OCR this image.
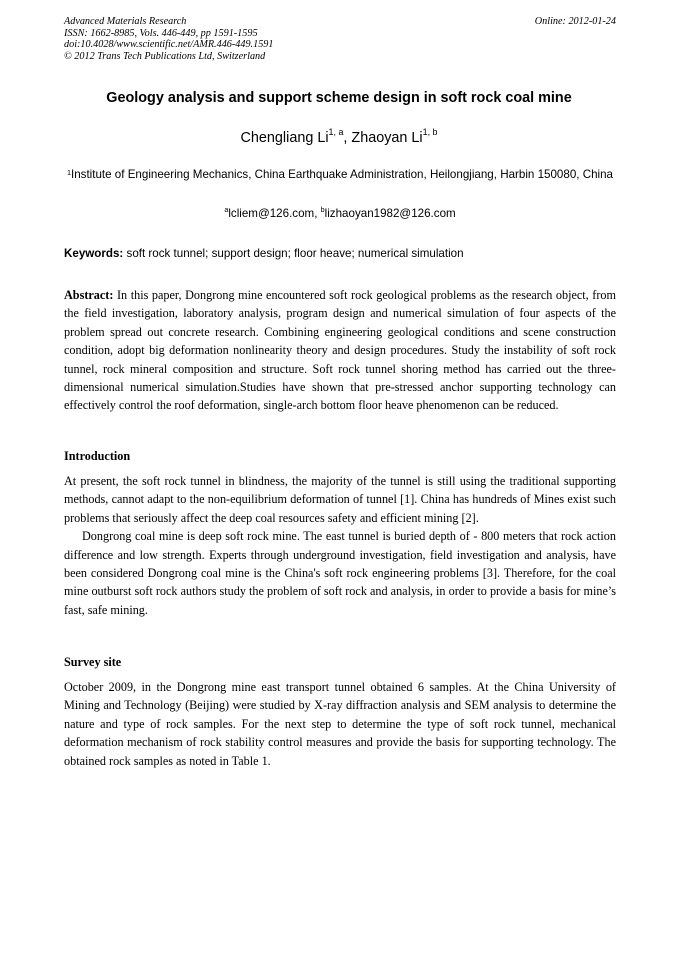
Advanced Materials Research
ISSN: 1662-8985, Vols. 446-449, pp 1591-1595
doi:10.4028/www.scientific.net/AMR.446-449.1591
© 2012 Trans Tech Publications Ltd, Switzerland
Online: 2012-01-24
Geology analysis and support scheme design in soft rock coal mine
Chengliang Li$^{1, a}$, Zhaoyan Li$^{1, b}$
$^1$Institute of Engineering Mechanics, China Earthquake Administration, Heilongjiang, Harbin 150080, China
$^a$lcliem@126.com, $^b$lizhaoyan1982@126.com
Keywords: soft rock tunnel; support design; floor heave; numerical simulation
Abstract: In this paper, Dongrong mine encountered soft rock geological problems as the research object, from the field investigation, laboratory analysis, program design and numerical simulation of four aspects of the problem spread out concrete research. Combining engineering geological conditions and scene construction condition, adopt big deformation nonlinearity theory and design procedures. Study the instability of soft rock tunnel, rock mineral composition and structure. Soft rock tunnel shoring method has carried out the three-dimensional numerical simulation.Studies have shown that pre-stressed anchor supporting technology can effectively control the roof deformation, single-arch bottom floor heave phenomenon can be reduced.
Introduction

At present, the soft rock tunnel in blindness, the majority of the tunnel is still using the traditional supporting methods, cannot adapt to the non-equilibrium deformation of tunnel [1]. China has hundreds of Mines exist such problems that seriously affect the deep coal resources safety and efficient mining [2].

Dongrong coal mine is deep soft rock mine. The east tunnel is buried depth of - 800 meters that rock action difference and low strength. Experts through underground investigation, field investigation and analysis, have been considered Dongrong coal mine is the China's soft rock engineering problems [3]. Therefore, for the coal mine outburst soft rock authors study the problem of soft rock and analysis, in order to provide a basis for mine’s fast, safe mining.

Survey site

October 2009, in the Dongrong mine east transport tunnel obtained 6 samples. At the China University of Mining and Technology (Beijing) were studied by X-ray diffraction analysis and SEM analysis to determine the nature and type of rock samples. For the next step to determine the type of soft rock tunnel, mechanical deformation mechanism of rock stability control measures and provide the basis for supporting technology. The obtained rock samples as noted in Table 1.
